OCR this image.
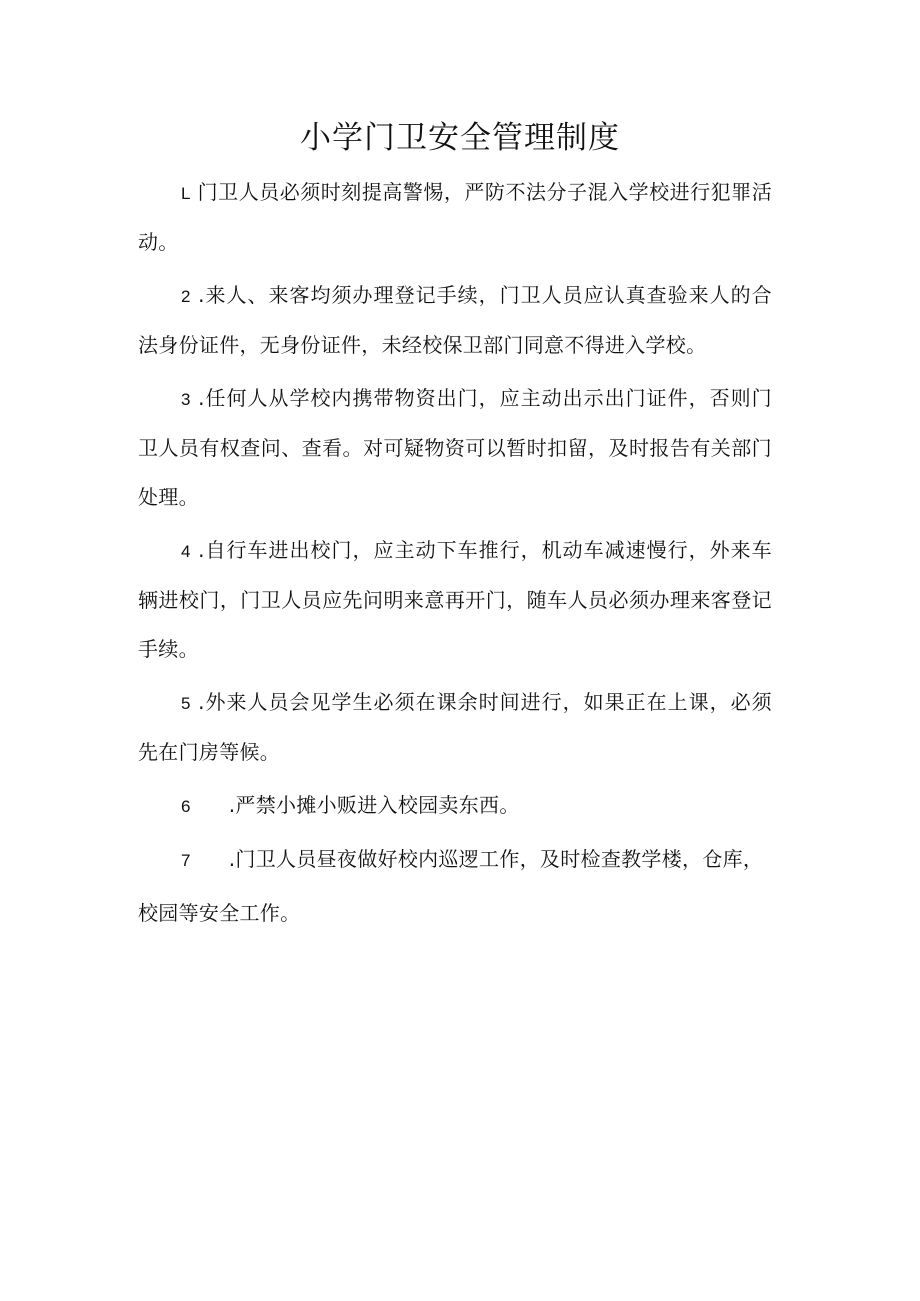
小学门卫安全管理制度

L 门卫人员必须时刻提高警惕，严防不法分子混入学校进行犯罪活动。

2 .来人、来客均须办理登记手续，门卫人员应认真查验来人的合法身份证件，无身份证件，未经校保卫部门同意不得进入学校。

3 .任何人从学校内携带物资出门，应主动出示出门证件，否则门卫人员有权查问、查看。对可疑物资可以暂时扣留，及时报告有关部门处理。

4 .自行车进出校门，应主动下车推行，机动车减速慢行，外来车辆进校门，门卫人员应先问明来意再开门，随车人员必须办理来客登记手续。

5 .外来人员会见学生必须在课余时间进行，如果正在上课，必须先在门房等候。

6 .严禁小摊小贩进入校园卖东西。

7 .门卫人员昼夜做好校内巡逻工作，及时检查教学楼，仓库，

校园等安全工作。
